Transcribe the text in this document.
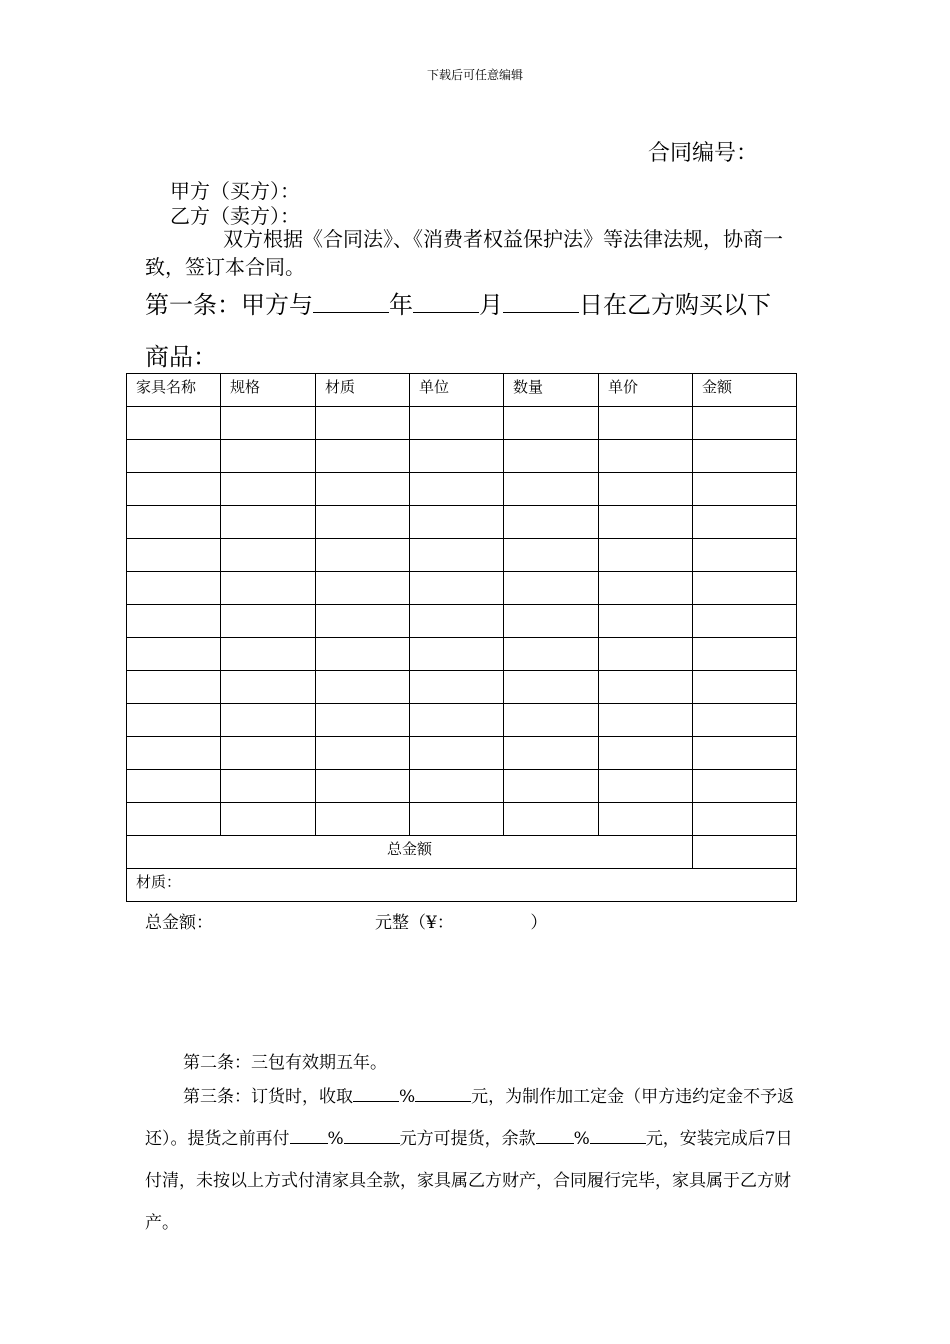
下载后可任意编辑
合同编号：
甲方（买方）：
乙方（卖方）：
双方根据《合同法》、《消费者权益保护法》等法律法规，协商一致，签订本合同。
第一条：甲方与	年	月	日在乙方购买以下
商品：
家具名称	规格	材质	单位	数量	单价	金额

总金额						
材质：						
总金额：	元整（¥：　　　　　）
第二条：三包有效期五年。
第三条：订货时，收取	%	元，为制作加工定金（甲方违约定金不予返还）。提货之前再付 %	元方可提货，余款 %	元，安装完成后7日付清，未按以上方式付清家具全款，家具属乙方财产，合同履行完毕，家具属于乙方财产。
